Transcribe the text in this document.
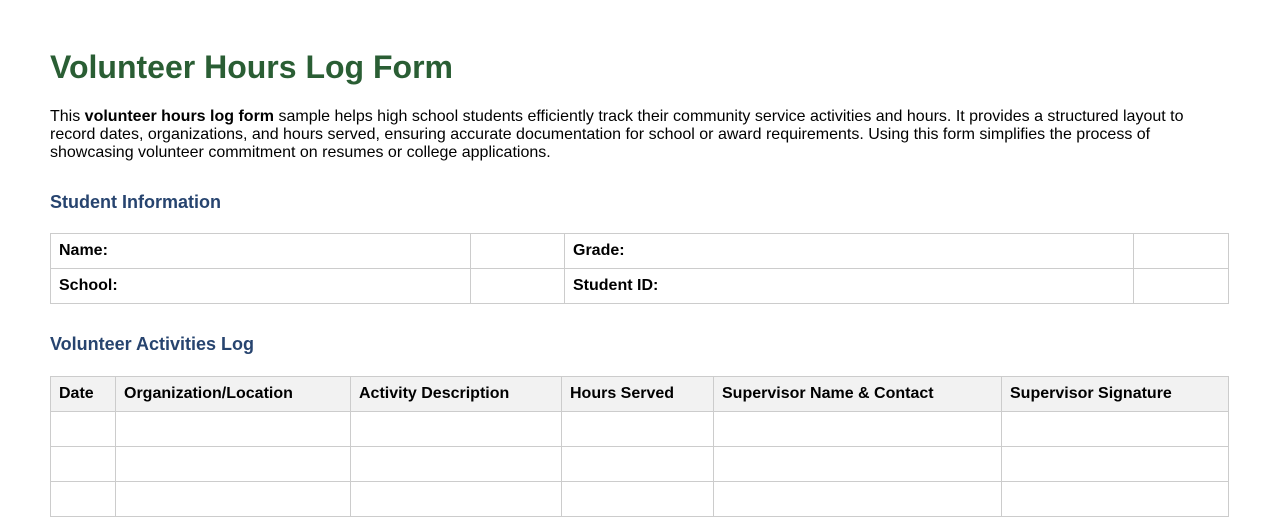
Volunteer Hours Log Form

This volunteer hours log form sample helps high school students efficiently track their community service activities and hours. It provides a structured layout to record dates, organizations, and hours served, ensuring accurate documentation for school or award requirements. Using this form simplifies the process of showcasing volunteer commitment on resumes or college applications.

Student Information
Name:		Grade:	
School:		Student ID:	
Volunteer Activities Log
Date	Organization/Location	Activity Description	Hours Served	Supervisor Name & Contact	Supervisor Signature
